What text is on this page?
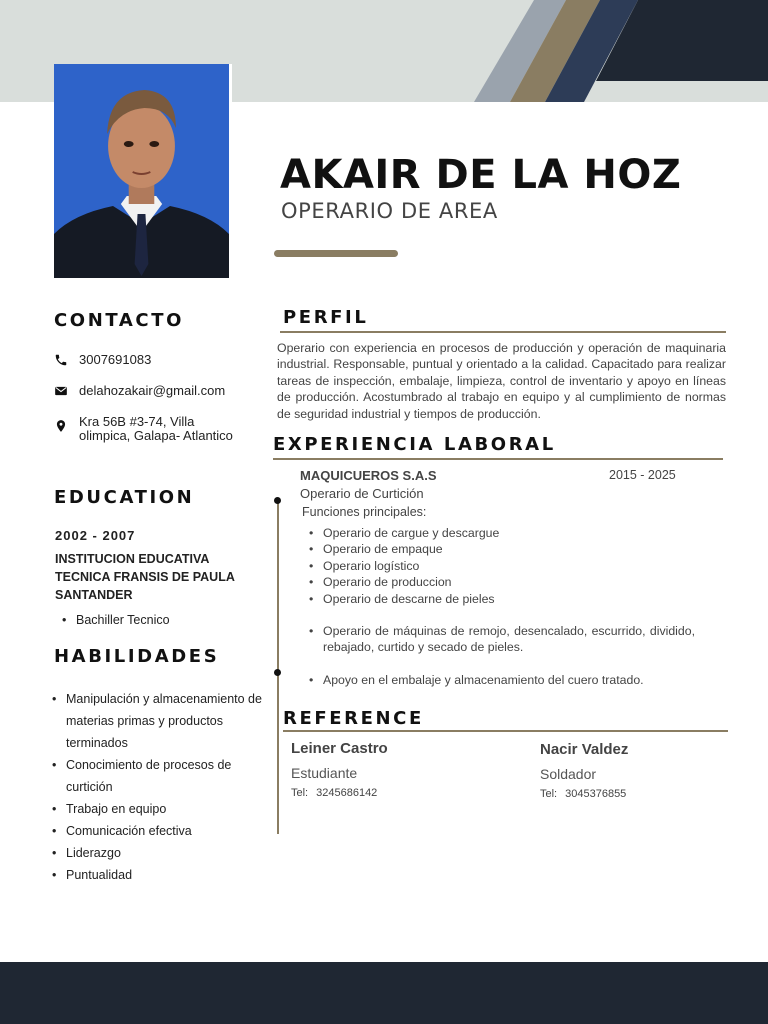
AKAIR DE LA HOZ
OPERARIO DE AREA
CONTACTO
3007691083
delahozakair@gmail.com
Kra 56B #3-74, Villa
olimpica, Galapa- Atlantico
EDUCATION
2002 - 2007
INSTITUCION EDUCATIVA TECNICA FRANSIS DE PAULA SANTANDER
• Bachiller Tecnico
HABILIDADES
• Manipulación y almacenamiento de materias primas y productos terminados
• Conocimiento de procesos de curtición
• Trabajo en equipo
• Comunicación efectiva
• Liderazgo
• Puntualidad
PERFIL
Operario con experiencia en procesos de producción y operación de maquinaria industrial. Responsable, puntual y orientado a la calidad. Capacitado para realizar tareas de inspección, embalaje, limpieza, control de inventario y apoyo en líneas de producción. Acostumbrado al trabajo en equipo y al cumplimiento de normas de seguridad industrial y tiempos de producción.
EXPERIENCIA LABORAL
MAQUICUEROS S.A.S	2015 - 2025
Operario de Curtición
Funciones principales:
• Operario de cargue y descargue
• Operario de empaque
• Operario logístico
• Operario de produccion
• Operario de descarne de pieles
• Operario de máquinas de remojo, desencalado, escurrido, dividido, rebajado, curtido y secado de pieles.
• Apoyo en el embalaje y almacenamiento del cuero tratado.
REFERENCE
Leiner Castro
Estudiante
Tel: 3245686142
Nacir Valdez
Soldador
Tel: 3045376855
